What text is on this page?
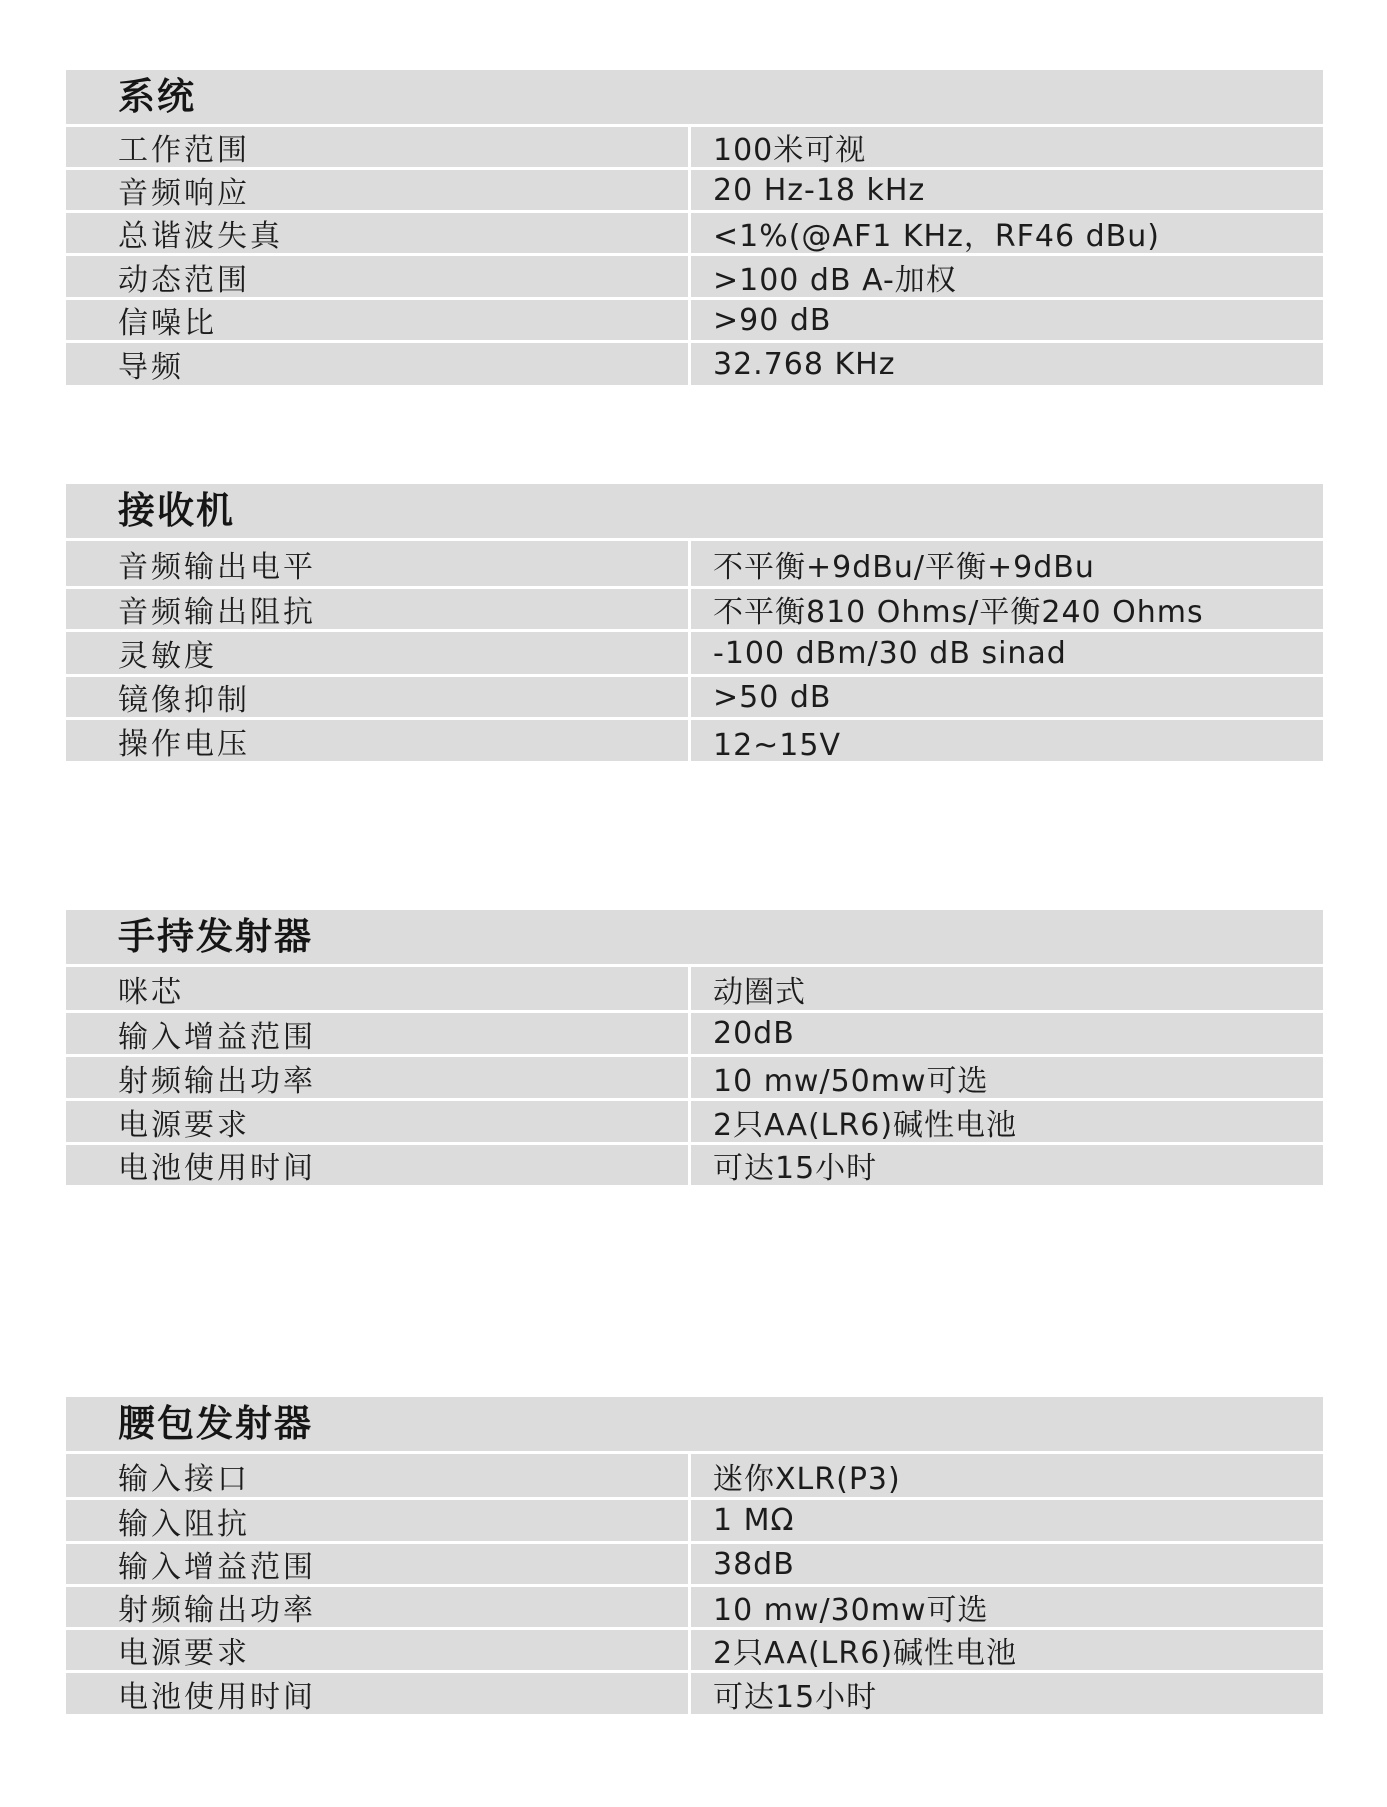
系统
工作范围	100米可视
音频响应	20 Hz-18 kHz
总谐波失真	<1%(@AF1 KHz，RF46 dBu)
动态范围	>100 dB A-加权
信噪比	>90 dB
导频	32.768 KHz
接收机
音频输出电平	不平衡+9dBu/平衡+9dBu
音频输出阻抗	不平衡810 Ohms/平衡240 Ohms
灵敏度	-100 dBm/30 dB sinad
镜像抑制	>50 dB
操作电压	12~15V
手持发射器
咪芯	动圈式
输入增益范围	20dB
射频输出功率	10 mw/50mw可选
电源要求	2只AA(LR6)碱性电池
电池使用时间	可达15小时
腰包发射器
输入接口	迷你XLR(P3)
输入阻抗	1 MΩ
输入增益范围	38dB
射频输出功率	10 mw/30mw可选
电源要求	2只AA(LR6)碱性电池
电池使用时间	可达15小时
